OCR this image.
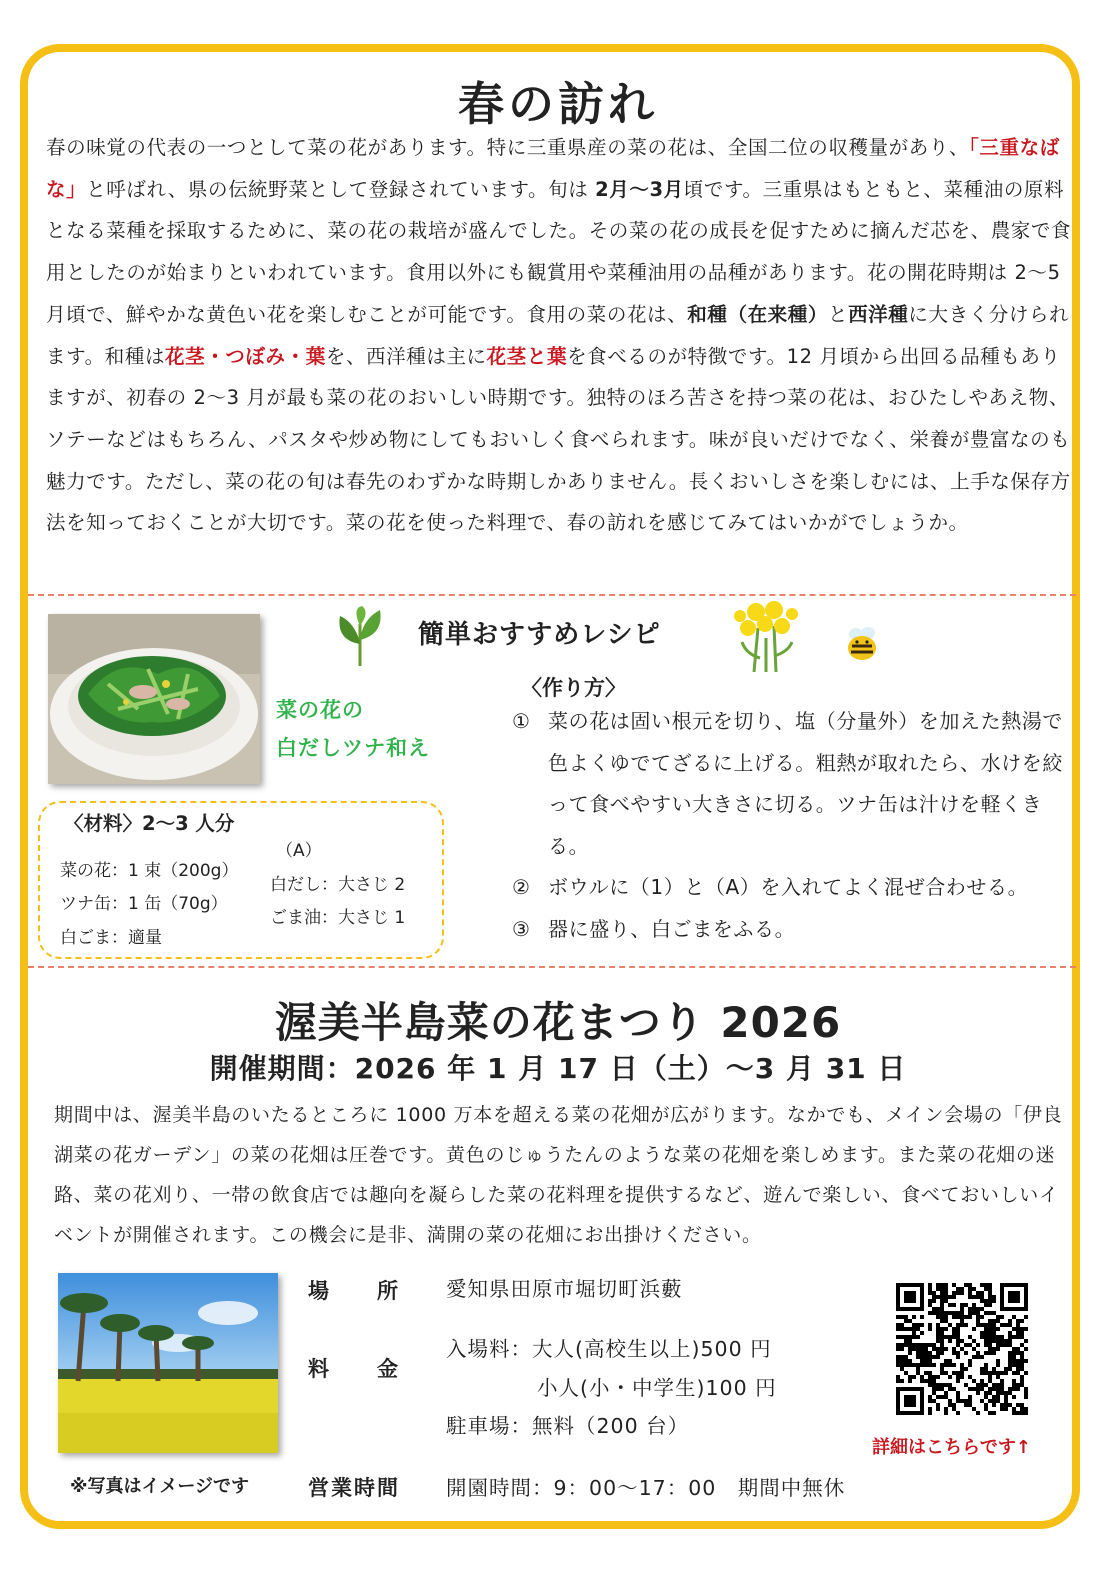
春の訪れ
春の味覚の代表の一つとして菜の花があります。特に三重県産の菜の花は、全国二位の収穫量があり、「三重なばな」と呼ばれ、県の伝統野菜として登録されています。旬は 2月〜3月頃です。三重県はもともと、菜種油の原料となる菜種を採取するために、菜の花の栽培が盛んでした。その菜の花の成長を促すために摘んだ芯を、農家で食用としたのが始まりといわれています。食用以外にも観賞用や菜種油用の品種があります。花の開花時期は 2〜5 月頃で、鮮やかな黄色い花を楽しむことが可能です。食用の菜の花は、和種（在来種）と西洋種に大きく分けられます。和種は花茎・つぼみ・葉を、西洋種は主に花茎と葉を食べるのが特徴です。12 月頃から出回る品種もありますが、初春の 2〜3 月が最も菜の花のおいしい時期です。独特のほろ苦さを持つ菜の花は、おひたしやあえ物、ソテーなどはもちろん、パスタや炒め物にしてもおいしく食べられます。味が良いだけでなく、栄養が豊富なのも魅力です。ただし、菜の花の旬は春先のわずかな時期しかありません。長くおいしさを楽しむには、上手な保存方法を知っておくことが大切です。菜の花を使った料理で、春の訪れを感じてみてはいかがでしょうか。
簡単おすすめレシピ
菜の花の
白だしツナ和え
〈材料〉2〜3 人分
菜の花：1 束（200g）
ツナ缶：1 缶（70g）
白ごま：適量
（A）
白だし：大さじ 2
ごま油：大さじ 1
〈作り方〉
① 菜の花は固い根元を切り、塩（分量外）を加えた熱湯で色よくゆでてざるに上げる。粗熱が取れたら、水けを絞って食べやすい大きさに切る。ツナ缶は汁けを軽くきる。
② ボウルに（1）と（A）を入れてよく混ぜ合わせる。
③ 器に盛り、白ごまをふる。
渥美半島菜の花まつり 2026
開催期間：2026 年 1 月 17 日（土）〜3 月 31 日
期間中は、渥美半島のいたるところに 1000 万本を超える菜の花畑が広がります。なかでも、メイン会場の「伊良湖菜の花ガーデン」の菜の花畑は圧巻です。黄色のじゅうたんのような菜の花畑を楽しめます。また菜の花畑の迷路、菜の花刈り、一帯の飲食店では趣向を凝らした菜の花料理を提供するなど、遊んで楽しい、食べておいしいイベントが開催されます。この機会に是非、満開の菜の花畑にお出掛けください。
※写真はイメージです
場　　所 愛知県田原市堀切町浜藪
料　　金
入場料：大人(高校生以上)500 円
小人(小・中学生)100 円
駐車場：無料（200 台）
営業時間 開園時間：9：00〜17：00　期間中無休
詳細はこちらです↑
